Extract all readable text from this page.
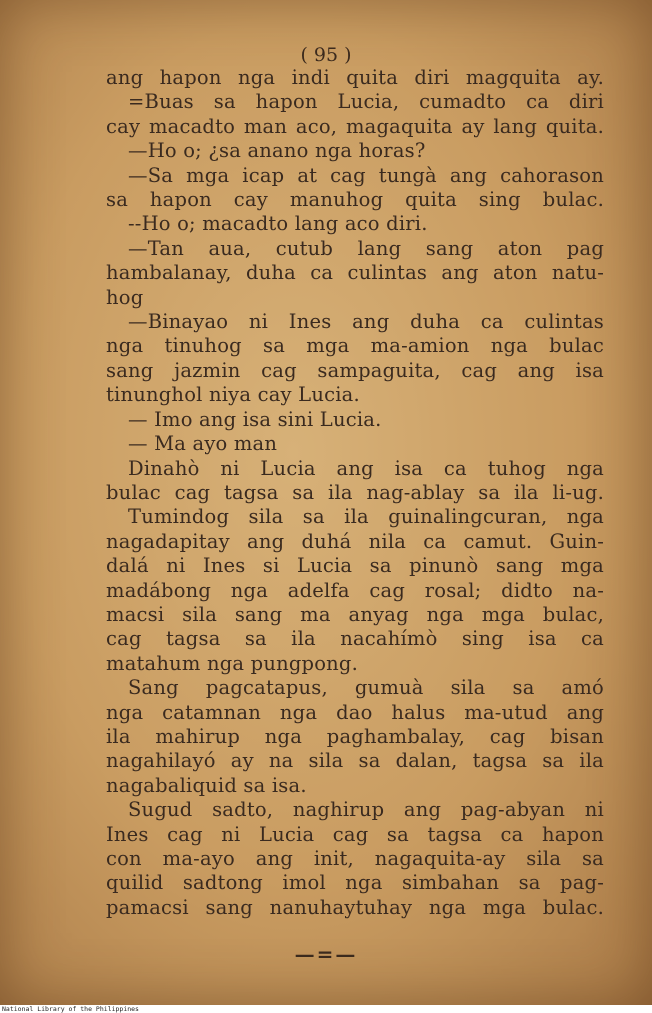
( 95 )
ang hapon nga indi quita diri magquita ay.
=Buas sa hapon Lucia, cumadto ca diri
cay macadto man aco, magaquita ay lang quita.
—Ho o; ¿sa anano nga horas?
—Sa mga icap at cag tungà ang cahorason
sa hapon cay manuhog quita sing bulac.
--Ho o; macadto lang aco diri.
—Tan aua, cutub lang sang aton pag
hambalanay, duha ca culintas ang aton natu-
hog
—Binayao ni Ines ang duha ca culintas
nga tinuhog sa mga ma-amion nga bulac
sang jazmin cag sampaguita, cag ang isa
tinunghol niya cay Lucia.
— Imo ang isa sini Lucia.
— Ma ayo man
Dinahò ni Lucia ang isa ca tuhog nga
bulac cag tagsa sa ila nag-ablay sa ila li-ug.
Tumindog sila sa ila guinalingcuran, nga
nagadapitay ang duhá nila ca camut. Guin-
dalá ni Ines si Lucia sa pinunò sang mga
madábong nga adelfa cag rosal; didto na-
macsi sila sang ma anyag nga mga bulac,
cag tagsa sa ila nacahímò sing isa ca
matahum nga pungpong.
Sang pagcatapus, gumuà sila sa amó
nga catamnan nga dao halus ma-utud ang
ila mahirup nga paghambalay, cag bisan
nagahilayó ay na sila sa dalan, tagsa sa ila
nagabaliquid sa isa.
Sugud sadto, naghirup ang pag-abyan ni
Ines cag ni Lucia cag sa tagsa ca hapon
con ma-ayo ang init, nagaquita-ay sila sa
quilid sadtong imol nga simbahan sa pag-
pamacsi sang nanuhaytuhay nga mga bulac.
—=—
National Library of the Philippines
